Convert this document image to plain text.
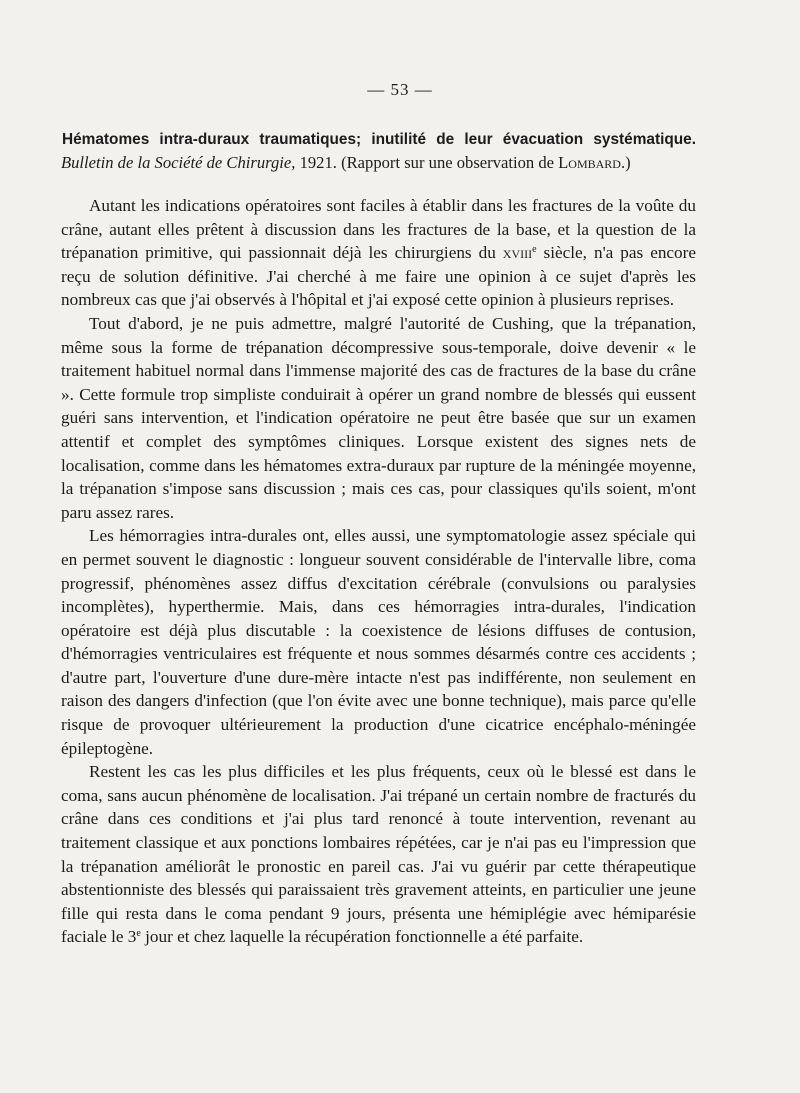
— 53 —

Hématomes intra-duraux traumatiques; inutilité de leur évacuation systématique. Bulletin de la Société de Chirurgie, 1921. (Rapport sur une observation de Lombard.)

Autant les indications opératoires sont faciles à établir dans les fractures de la voûte du crâne, autant elles prêtent à discussion dans les fractures de la base, et la question de la trépanation primitive, qui passionnait déjà les chirurgiens du xviii$^e$ siècle, n'a pas encore reçu de solution définitive. J'ai cherché à me faire une opinion à ce sujet d'après les nombreux cas que j'ai observés à l'hôpital et j'ai exposé cette opinion à plusieurs reprises.

Tout d'abord, je ne puis admettre, malgré l'autorité de Cushing, que la trépanation, même sous la forme de trépanation décompressive sous-temporale, doive devenir « le traitement habituel normal dans l'immense majorité des cas de fractures de la base du crâne ». Cette formule trop simpliste conduirait à opérer un grand nombre de blessés qui eussent guéri sans intervention, et l'indication opératoire ne peut être basée que sur un examen attentif et complet des symptômes cliniques. Lorsque existent des signes nets de localisation, comme dans les hématomes extra-duraux par rupture de la méningée moyenne, la trépanation s'impose sans discussion ; mais ces cas, pour classiques qu'ils soient, m'ont paru assez rares.

Les hémorragies intra-durales ont, elles aussi, une symptomatologie assez spéciale qui en permet souvent le diagnostic : longueur souvent considérable de l'intervalle libre, coma progressif, phénomènes assez diffus d'excitation cérébrale (convulsions ou paralysies incomplètes), hyperthermie. Mais, dans ces hémorragies intra-durales, l'indication opératoire est déjà plus discutable : la coexistence de lésions diffuses de contusion, d'hémorragies ventriculaires est fréquente et nous sommes désarmés contre ces accidents ; d'autre part, l'ouverture d'une dure-mère intacte n'est pas indifférente, non seulement en raison des dangers d'infection (que l'on évite avec une bonne technique), mais parce qu'elle risque de provoquer ultérieurement la production d'une cicatrice encéphalo-méningée épileptogène.

Restent les cas les plus difficiles et les plus fréquents, ceux où le blessé est dans le coma, sans aucun phénomène de localisation. J'ai trépané un certain nombre de fracturés du crâne dans ces conditions et j'ai plus tard renoncé à toute intervention, revenant au traitement classique et aux ponctions lombaires répétées, car je n'ai pas eu l'impression que la trépanation améliorât le pronostic en pareil cas. J'ai vu guérir par cette thérapeutique abstentionniste des blessés qui paraissaient très gravement atteints, en particulier une jeune fille qui resta dans le coma pendant 9 jours, présenta une hémiplégie avec hémiparésie faciale le 3e jour et chez laquelle la récupération fonctionnelle a été parfaite.
